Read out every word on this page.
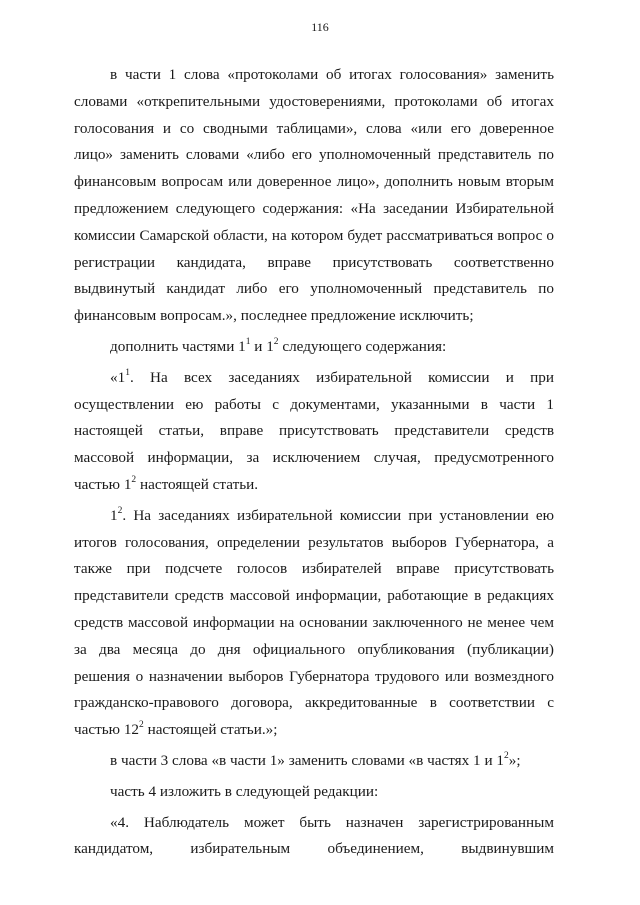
116

в части 1 слова «протоколами об итогах голосования» заменить словами «открепительными удостоверениями, протоколами об итогах голосования и со сводными таблицами», слова «или его доверенное лицо» заменить словами «либо его уполномоченный представитель по финансовым вопросам или доверенное лицо», дополнить новым вторым предложением следующего содержания: «На заседании Избирательной комиссии Самарской области, на котором будет рассматриваться вопрос о регистрации кандидата, вправе присутствовать соответственно выдвинутый кандидат либо его уполномоченный представитель по финансовым вопросам.», последнее предложение исключить;

дополнить частями $1^1$ и $1^2$ следующего содержания:

«$1^1$. На всех заседаниях избирательной комиссии и при осуществлении ею работы с документами, указанными в части 1 настоящей статьи, вправе присутствовать представители средств массовой информации, за исключением случая, предусмотренного частью $1^2$ настоящей статьи.

$1^2$. На заседаниях избирательной комиссии при установлении ею итогов голосования, определении результатов выборов Губернатора, а также при подсчете голосов избирателей вправе присутствовать представители средств массовой информации, работающие в редакциях средств массовой информации на основании заключенного не менее чем за два месяца до дня официального опубликования (публикации) решения о назначении выборов Губернатора трудового или возмездного гражданско-правового договора, аккредитованные в соответствии с частью $12^2$ настоящей статьи.»;

в части 3 слова «в части 1» заменить словами «в частях 1 и $1^2$»;

часть 4 изложить в следующей редакции:

«4. Наблюдатель может быть назначен зарегистрированным кандидатом, избирательным объединением, выдвинувшим
